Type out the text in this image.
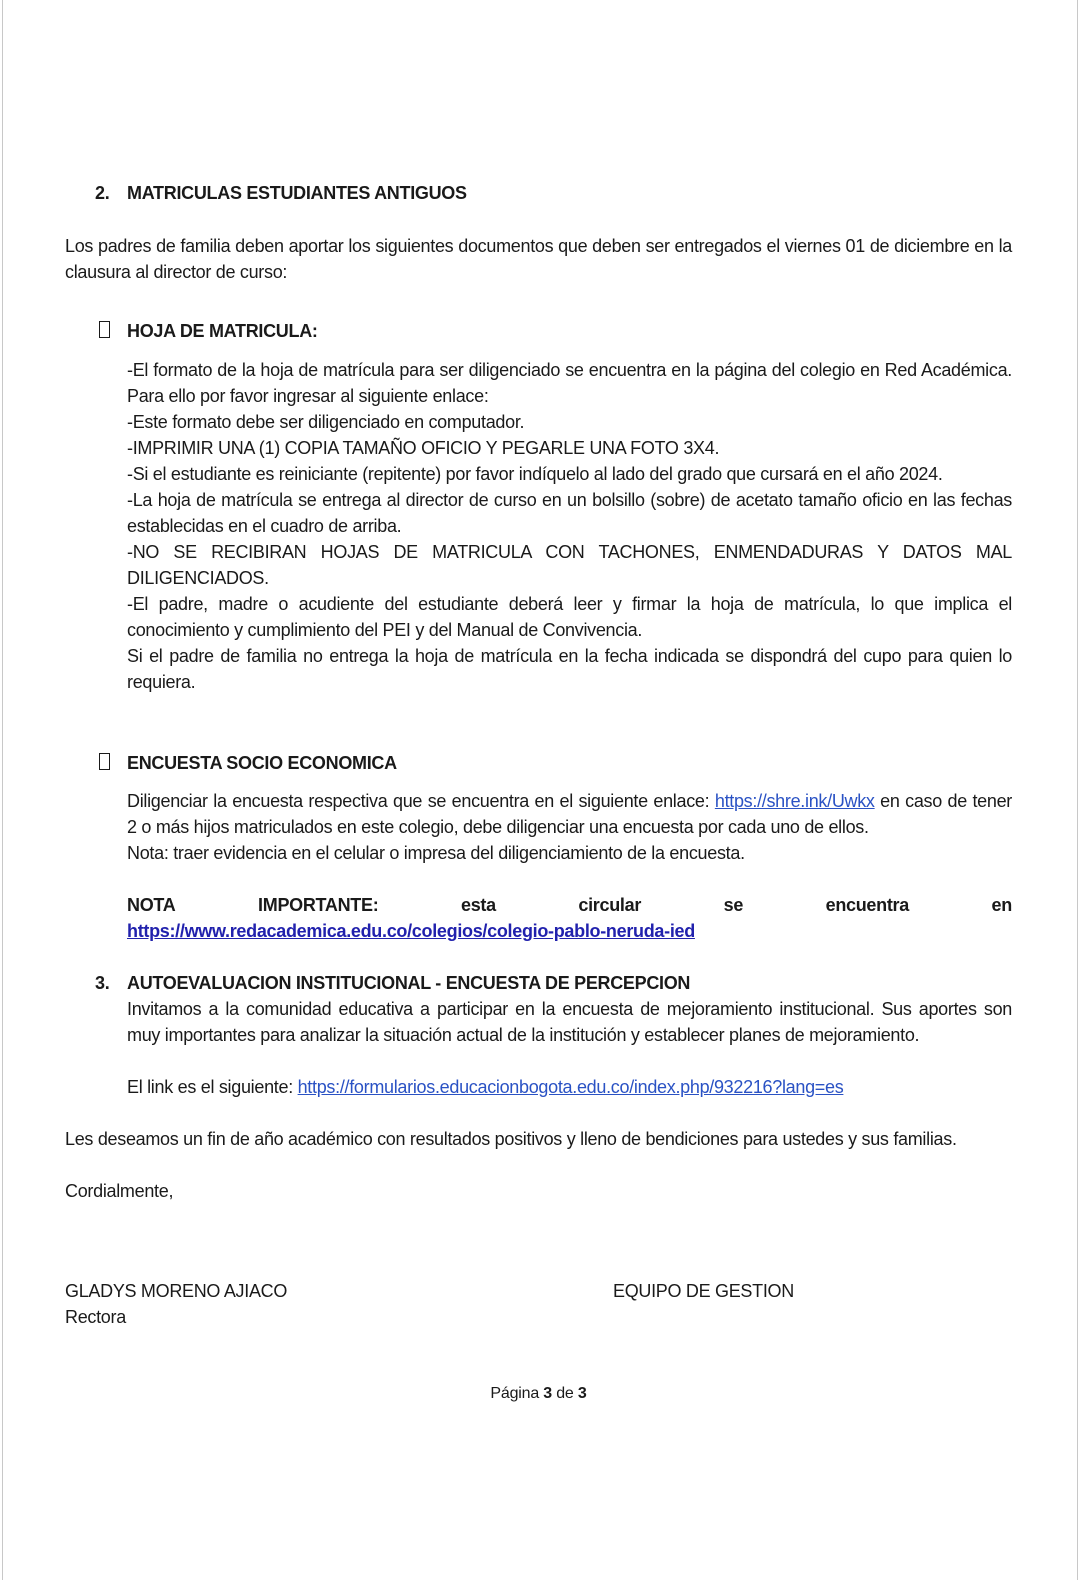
2. MATRICULAS ESTUDIANTES ANTIGUOS

Los padres de familia deben aportar los siguientes documentos que deben ser entregados el viernes 01 de diciembre en la clausura al director de curso:

HOJA DE MATRICULA:

-El formato de la hoja de matrícula para ser diligenciado se encuentra en la página del colegio en Red Académica. Para ello por favor ingresar al siguiente enlace:

-Este formato debe ser diligenciado en computador.

-IMPRIMIR UNA (1) COPIA TAMAÑO OFICIO Y PEGARLE UNA FOTO 3X4.

-Si el estudiante es reiniciante (repitente) por favor indíquelo al lado del grado que cursará en el año 2024.

-La hoja de matrícula se entrega al director de curso en un bolsillo (sobre) de acetato tamaño oficio en las fechas establecidas en el cuadro de arriba.

-NO SE RECIBIRAN HOJAS DE MATRICULA CON TACHONES, ENMENDADURAS Y DATOS MAL DILIGENCIADOS.

-El padre, madre o acudiente del estudiante deberá leer y firmar la hoja de matrícula, lo que implica el conocimiento y cumplimiento del PEI y del Manual de Convivencia.

Si el padre de familia no entrega la hoja de matrícula en la fecha indicada se dispondrá del cupo para quien lo requiera.

ENCUESTA SOCIO ECONOMICA

Diligenciar la encuesta respectiva que se encuentra en el siguiente enlace: https://shre.ink/Uwkx en caso de tener 2 o más hijos matriculados en este colegio, debe diligenciar una encuesta por cada uno de ellos.

Nota: traer evidencia en el celular o impresa del diligenciamiento de la encuesta.

NOTA	IMPORTANTE:	esta	circular	se	encuentra	en
https://www.redacademica.edu.co/colegios/colegio-pablo-neruda-ied
3. AUTOEVALUACION INSTITUCIONAL - ENCUESTA DE PERCEPCION

Invitamos a la comunidad educativa a participar en la encuesta de mejoramiento institucional. Sus aportes son muy importantes para analizar la situación actual de la institución y establecer planes de mejoramiento.

El link es el siguiente: https://formularios.educacionbogota.edu.co/index.php/932216?lang=es

Les deseamos un fin de año académico con resultados positivos y lleno de bendiciones para ustedes y sus familias.

Cordialmente,

GLADYS MORENO AJIACO	EQUIPO DE GESTION
Rectora
Página 3 de 3
